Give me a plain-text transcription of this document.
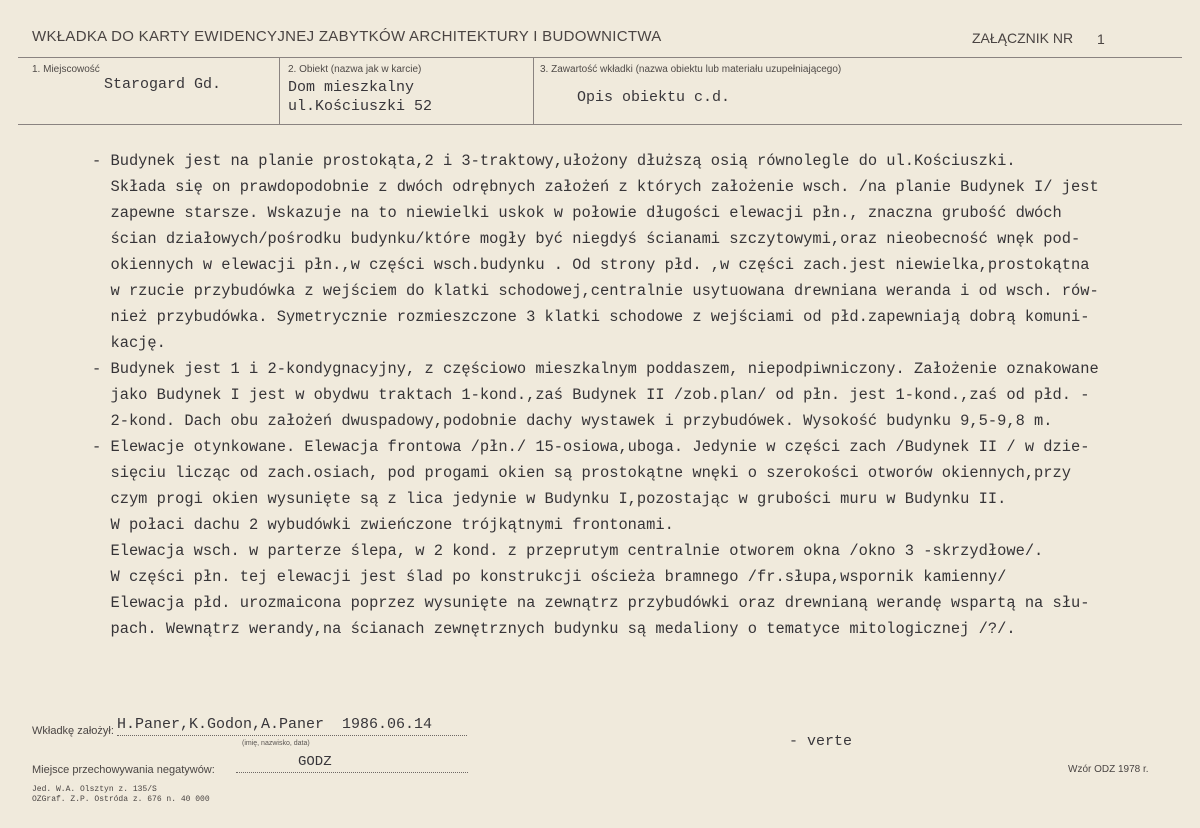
WKŁADKA DO KARTY EWIDENCYJNEJ ZABYTKÓW ARCHITEKTURY I BUDOWNICTWA	ZAŁĄCZNIK NR 1
1. Miejscowość
Starogard Gd.
2. Obiekt (nazwa jak w karcie)
Dom mieszkalny
ul.Kościuszki 52
3. Zawartość wkładki (nazwa obiektu lub materiału uzupełniającego)
Opis obiektu c.d.

- Budynek jest na planie prostokąta,2 i 3-traktowy,ułożony dłuższą osią równolegle do ul.Kościuszki.

Składa się on prawdopodobnie z dwóch odrębnych założeń z których założenie wsch. /na planie Budynek I/ jest

zapewne starsze. Wskazuje na to niewielki uskok w połowie długości elewacji płn., znaczna grubość dwóch

ścian działowych/pośrodku budynku/które mogły być niegdyś ścianami szczytowymi,oraz nieobecność wnęk pod-

okiennych w elewacji płn.,w części wsch.budynku . Od strony płd. ,w części zach.jest niewielka,prostokątna

w rzucie przybudówka z wejściem do klatki schodowej,centralnie usytuowana drewniana weranda i od wsch. rów-

nież przybudówka. Symetrycznie rozmieszczone 3 klatki schodowe z wejściami od płd.zapewniają dobrą komuni-

kację.

- Budynek jest 1 i 2-kondygnacyjny, z częściowo mieszkalnym poddaszem, niepodpiwniczony. Założenie oznakowane

jako Budynek I jest w obydwu traktach 1-kond.,zaś Budynek II /zob.plan/ od płn. jest 1-kond.,zaś od płd. -

2-kond. Dach obu założeń dwuspadowy,podobnie dachy wystawek i przybudówek. Wysokość budynku 9,5-9,8 m.

- Elewacje otynkowane. Elewacja frontowa /płn./ 15-osiowa,uboga. Jedynie w części zach /Budynek II / w dzie-

sięciu licząc od zach.osiach, pod progami okien są prostokątne wnęki o szerokości otworów okiennych,przy

czym progi okien wysunięte są z lica jedynie w Budynku I,pozostając w grubości muru w Budynku II.

W połaci dachu 2 wybudówki zwieńczone trójkątnymi frontonami.

Elewacja wsch. w parterze ślepa, w 2 kond. z przeprutym centralnie otworem okna /okno 3 -skrzydłowe/.

W części płn. tej elewacji jest ślad po konstrukcji ościeża bramnego /fr.słupa,wspornik kamienny/

Elewacja płd. urozmaicona poprzez wysunięte na zewnątrz przybudówki oraz drewnianą werandę wspartą na słu-

pach. Wewnątrz werandy,na ścianach zewnętrznych budynku są medaliony o tematyce mitologicznej /?/.

Wkładkę założył: H.Paner,K.Godon,A.Paner  1986.06.14
(imię, nazwisko, data)	- verte
Miejsce przechowywania negatywów:	GODZ	Wzór ODZ 1978 r.
Jed. W.A. Olsztyn z. 135/S
OZGraf. Z.P. Ostróda z. 676 n. 40 000
